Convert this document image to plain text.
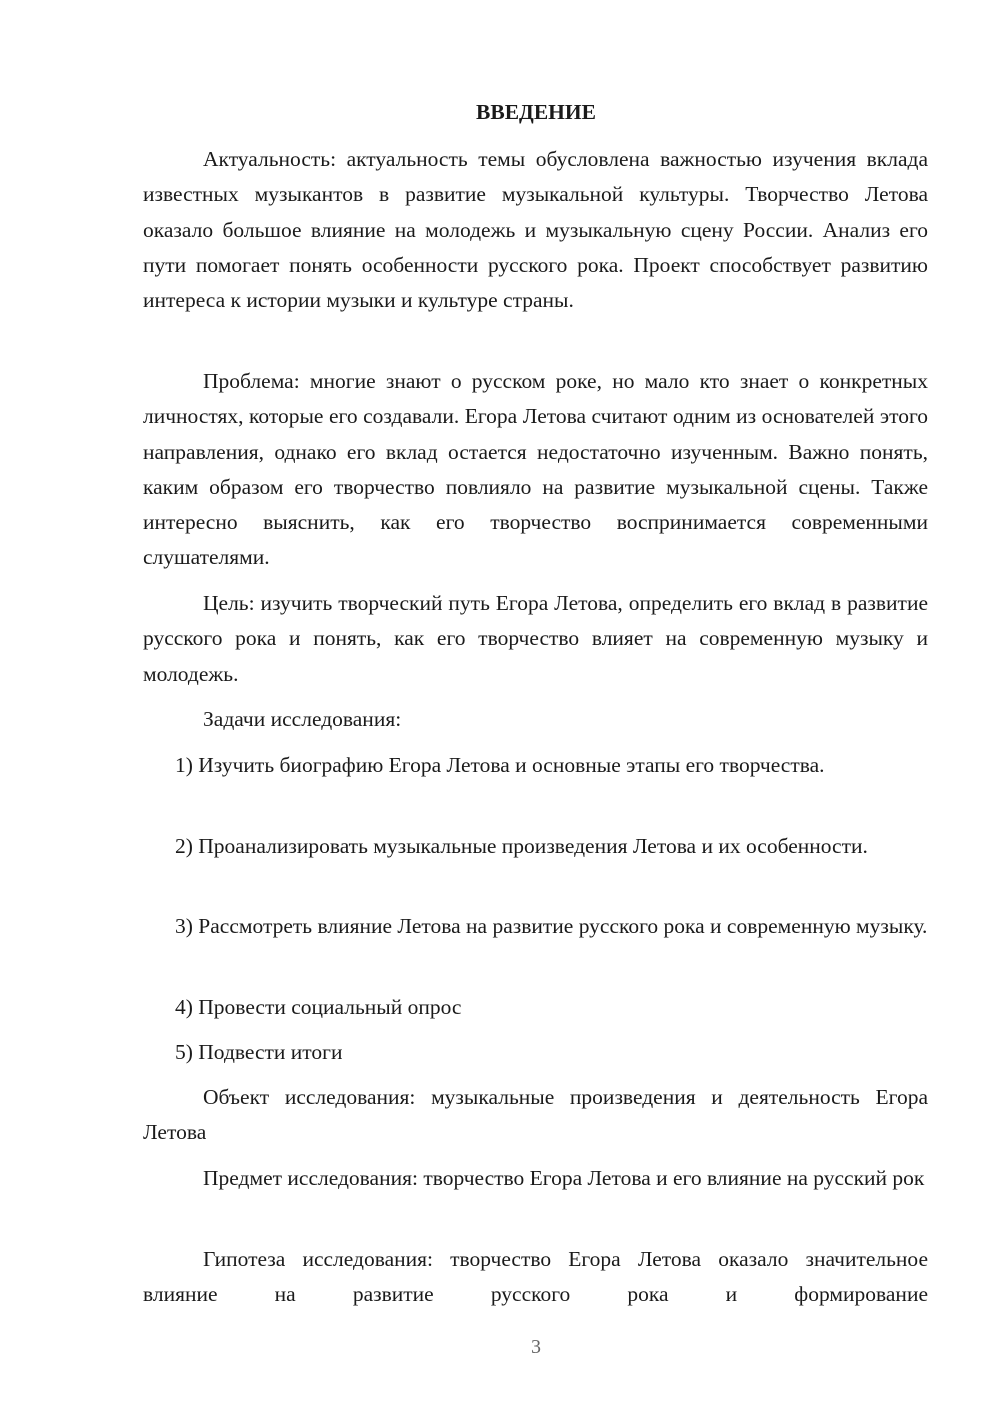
ВВЕДЕНИЕ

Актуальность: актуальность темы обусловлена важностью изучения вклада известных музыкантов в развитие музыкальной культуры. Творчество Летова оказало большое влияние на молодежь и музыкальную сцену России. Анализ его пути помогает понять особенности русского рока. Проект способствует развитию интереса к истории музыки и культуре страны.

Проблема: многие знают о русском роке, но мало кто знает о конкретных личностях, которые его создавали. Егора Летова считают одним из основателей этого направления, однако его вклад остается недостаточно изученным. Важно понять, каким образом его творчество повлияло на развитие музыкальной сцены. Также интересно выяснить, как его творчество воспринимается современными слушателями.

Цель: изучить творческий путь Егора Летова, определить его вклад в развитие русского рока и понять, как его творчество влияет на современную музыку и молодежь.

Задачи исследования:

1) Изучить биографию Егора Летова и основные этапы его творчества.

2) Проанализировать музыкальные произведения Летова и их особенности.

3) Рассмотреть влияние Летова на развитие русского рока и современную музыку.

4) Провести социальный опрос

5) Подвести итоги

Объект исследования: музыкальные произведения и деятельность Егора Летова

Предмет исследования: творчество Егора Летова и его влияние на русский рок

Гипотеза исследования: творчество Егора Летова оказало значительное влияние на развитие русского рока и формирование

3
